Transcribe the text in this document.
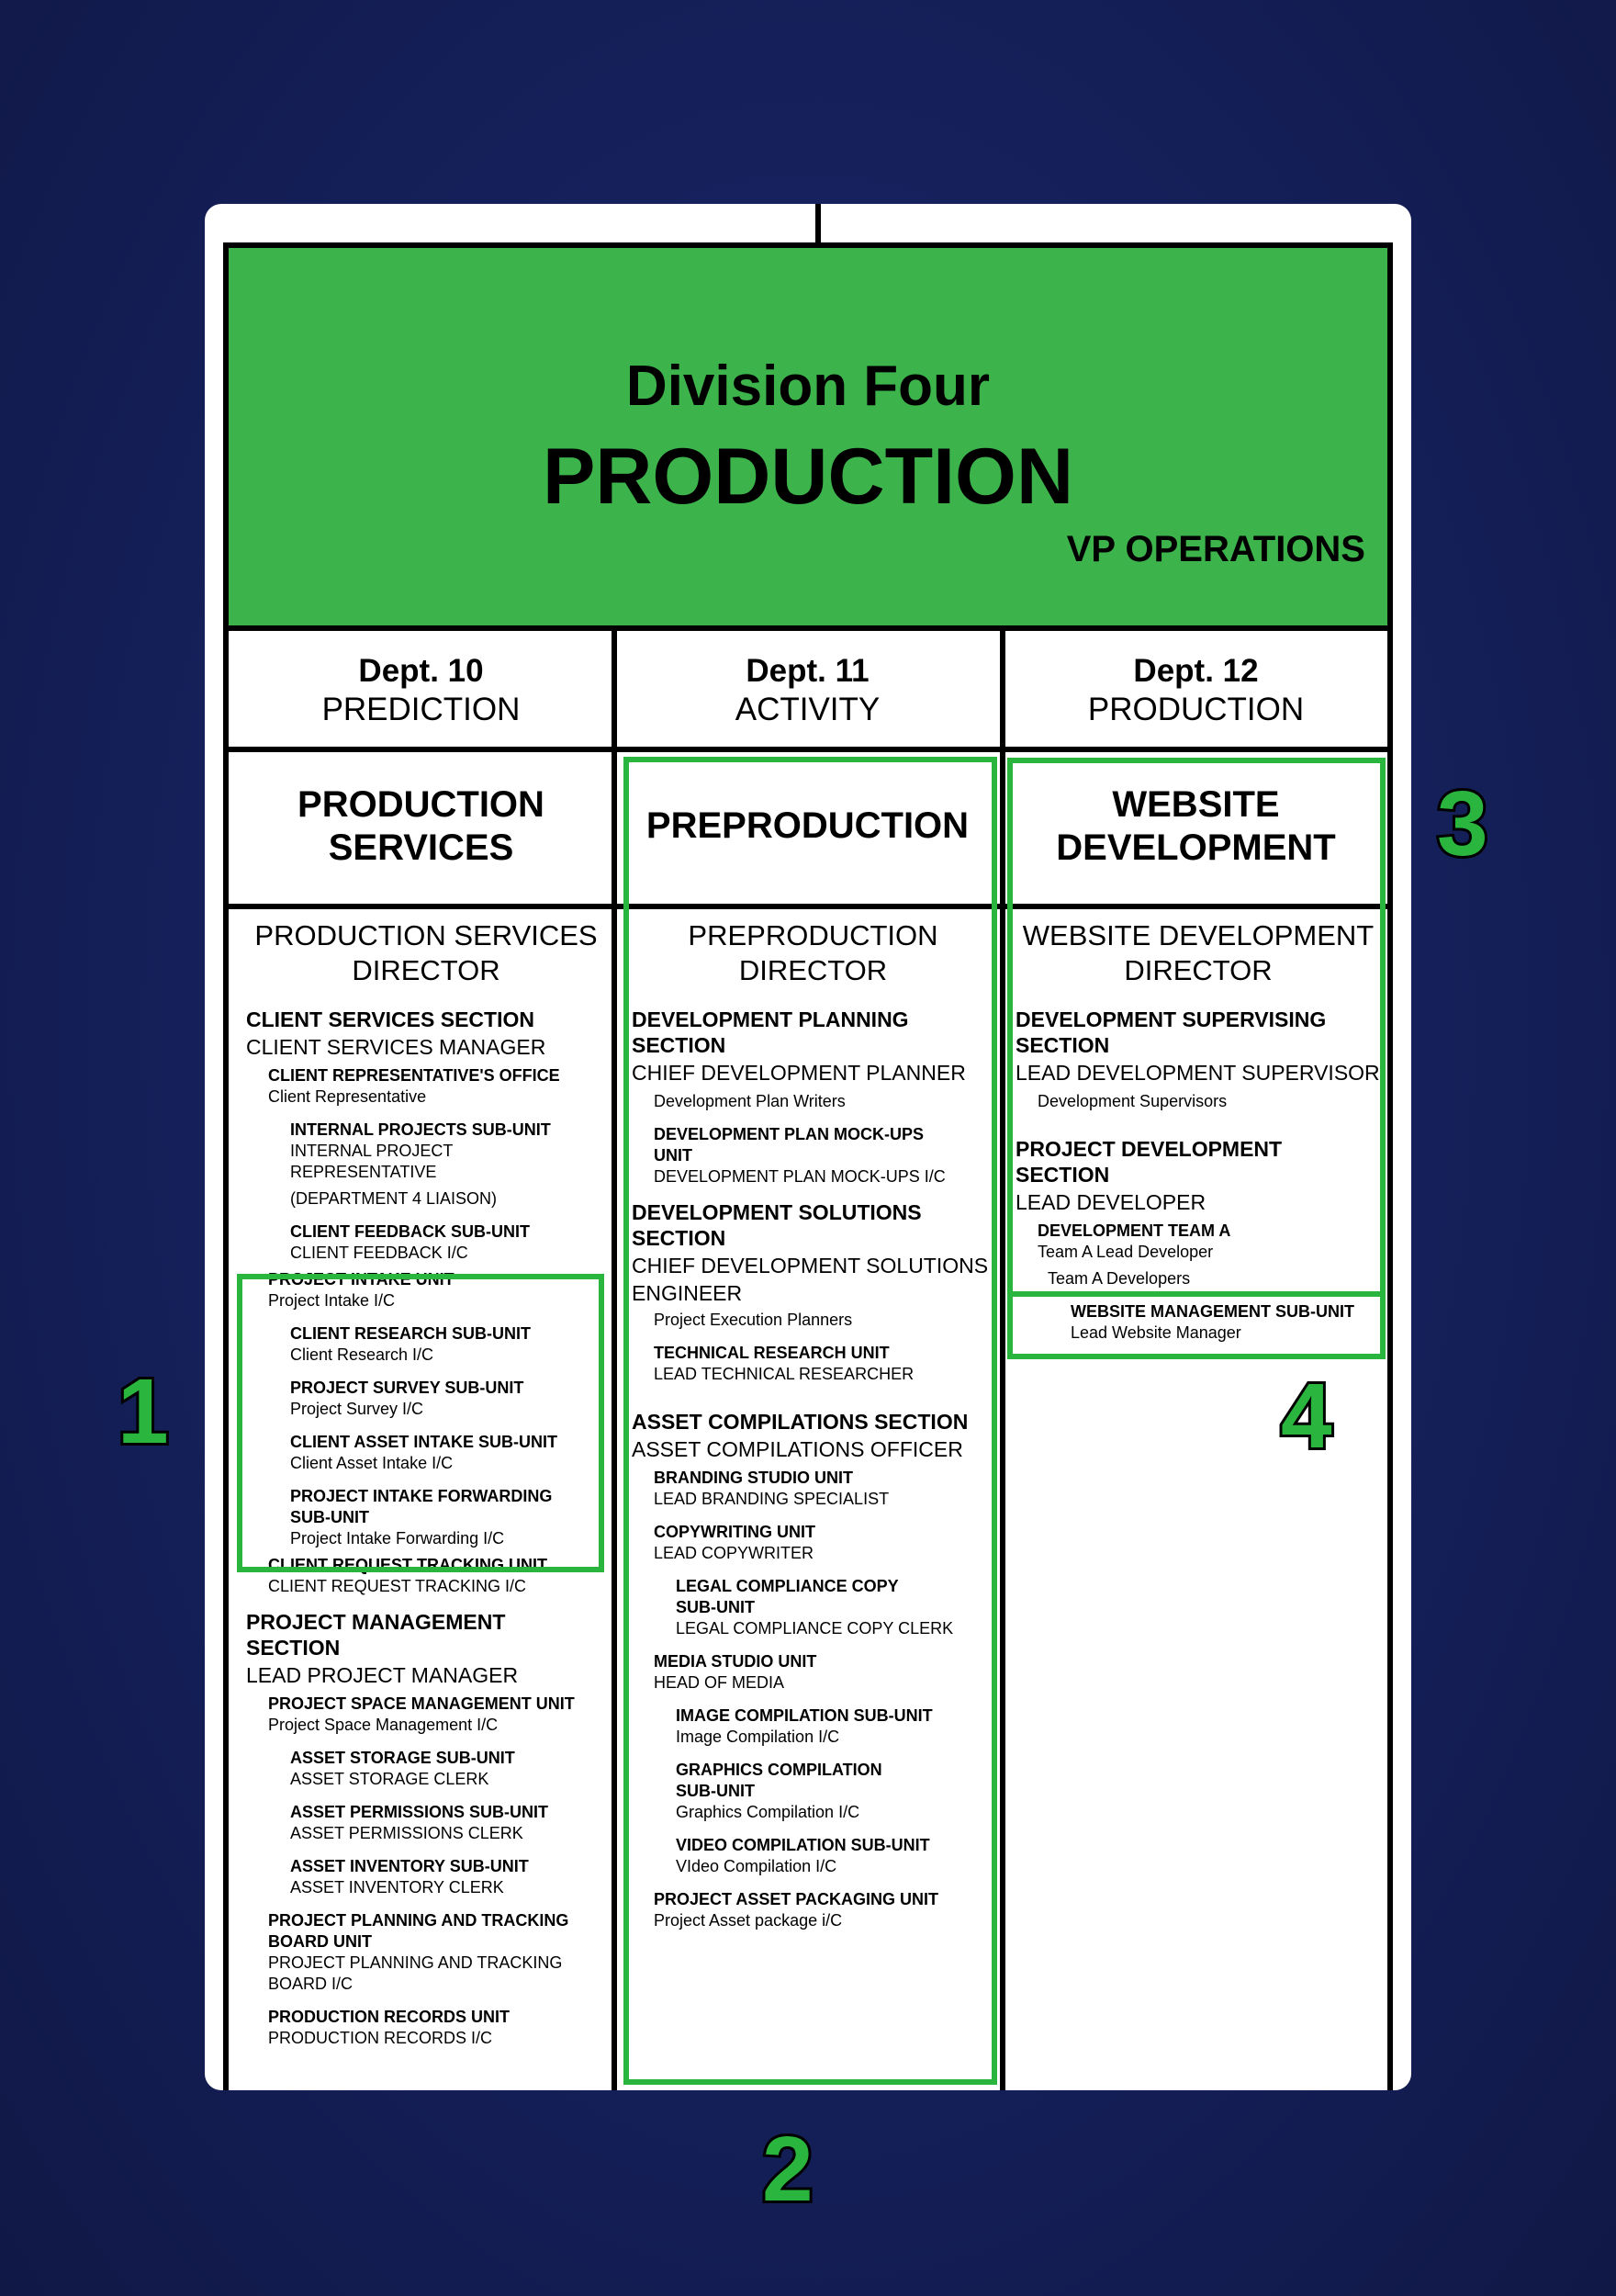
Division Four
PRODUCTION
VP OPERATIONS
Dept. 10
PREDICTION
Dept. 11
ACTIVITY
Dept. 12
PRODUCTION
PRODUCTION
SERVICES
PREPRODUCTION
WEBSITE
DEVELOPMENT
PRODUCTION SERVICES
DIRECTOR
CLIENT SERVICES SECTION
CLIENT SERVICES MANAGER
CLIENT REPRESENTATIVE'S OFFICE
Client Representative
INTERNAL PROJECTS SUB-UNIT
INTERNAL PROJECT
REPRESENTATIVE
(DEPARTMENT 4 LIAISON)
CLIENT FEEDBACK SUB-UNIT
CLIENT FEEDBACK I/C
PROJECT INTAKE UNIT
Project Intake I/C
CLIENT RESEARCH SUB-UNIT
Client Research I/C
PROJECT SURVEY SUB-UNIT
Project Survey I/C
CLIENT ASSET INTAKE SUB-UNIT
Client Asset Intake I/C
PROJECT INTAKE FORWARDING
SUB-UNIT
Project Intake Forwarding I/C
CLIENT REQUEST TRACKING UNIT
CLIENT REQUEST TRACKING I/C
PROJECT MANAGEMENT
SECTION
LEAD PROJECT MANAGER
PROJECT SPACE MANAGEMENT UNIT
Project Space Management I/C
ASSET STORAGE SUB-UNIT
ASSET STORAGE CLERK
ASSET PERMISSIONS SUB-UNIT
ASSET PERMISSIONS CLERK
ASSET INVENTORY SUB-UNIT
ASSET INVENTORY CLERK
PROJECT PLANNING AND TRACKING
BOARD UNIT
PROJECT PLANNING AND TRACKING
BOARD I/C
PRODUCTION RECORDS UNIT
PRODUCTION RECORDS I/C
PREPRODUCTION
DIRECTOR
DEVELOPMENT PLANNING
SECTION
CHIEF DEVELOPMENT PLANNER
Development Plan Writers
DEVELOPMENT PLAN MOCK-UPS
UNIT
DEVELOPMENT PLAN MOCK-UPS I/C
DEVELOPMENT SOLUTIONS
SECTION
CHIEF DEVELOPMENT SOLUTIONS
ENGINEER
Project Execution Planners
TECHNICAL RESEARCH UNIT
LEAD TECHNICAL RESEARCHER
ASSET COMPILATIONS SECTION
ASSET COMPILATIONS OFFICER
BRANDING STUDIO UNIT
LEAD BRANDING SPECIALIST
COPYWRITING UNIT
LEAD COPYWRITER
LEGAL COMPLIANCE COPY
SUB-UNIT
LEGAL COMPLIANCE COPY CLERK
MEDIA STUDIO UNIT
HEAD OF MEDIA
IMAGE COMPILATION SUB-UNIT
Image Compilation I/C
GRAPHICS COMPILATION
SUB-UNIT
Graphics Compilation I/C
VIDEO COMPILATION SUB-UNIT
VIdeo Compilation I/C
PROJECT ASSET PACKAGING UNIT
Project Asset package i/C
WEBSITE DEVELOPMENT
DIRECTOR
DEVELOPMENT SUPERVISING
SECTION
LEAD DEVELOPMENT SUPERVISOR
Development Supervisors
PROJECT DEVELOPMENT
SECTION
LEAD DEVELOPER
DEVELOPMENT TEAM A
Team A Lead Developer
Team A Developers
WEBSITE MANAGEMENT SUB-UNIT
Lead Website Manager
1
2
3
4
